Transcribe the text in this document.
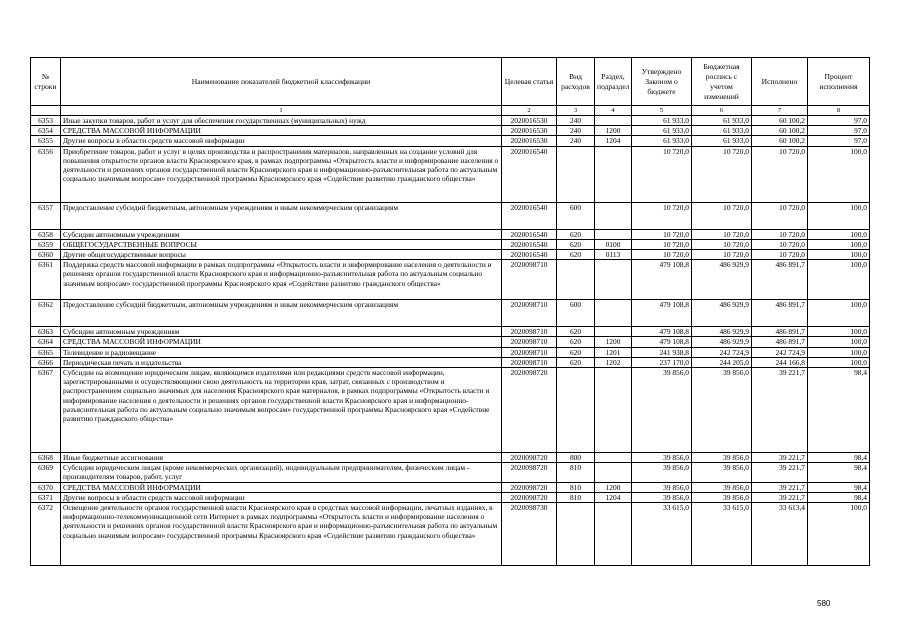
№ строки	Наименование показателей бюджетной классификации	Целевая статья	Вид расходов	Раздел, подраздел	Утверждено Законом о бюджете	Бюджетная роспись с учетом изменений	Исполнено	Процент исполнения
	1	2	3	4	5	6	7	8
6353	Иные закупки товаров, работ и услуг для обеспечения государственных (муниципальных) нужд	2020016530	240		61 933,0	61 933,0	60 100,2	97,0
6354	СРЕДСТВА МАССОВОЙ ИНФОРМАЦИИ	2020016530	240	1200	61 933,0	61 933,0	60 100,2	97,0
6355	Другие вопросы в области средств массовой информации	2020016530	240	1204	61 933,0	61 933,0	60 100,2	97,0
6356	Приобретение товаров, работ и услуг в целях производства и распространения материалов, направленных на создание условий для повышения открытости органов власти Красноярского края, в рамках подпрограммы «Открытость власти и информирование населения о деятельности и решениях органов государственной власти Красноярского края и информационно-разъяснительная работа по актуальным социально значимым вопросам» государственной программы Красноярского края «Содействие развитию гражданского общества»	2020016540			10 720,0	10 720,0	10 720,0	100,0
6357	Предоставление субсидий бюджетным, автономным учреждениям и иным некоммерческим организациям	2020016540	600		10 720,0	10 720,0	10 720,0	100,0
6358	Субсидии автономным учреждениям	2020016540	620		10 720,0	10 720,0	10 720,0	100,0
6359	ОБЩЕГОСУДАРСТВЕННЫЕ ВОПРОСЫ	2020016540	620	0100	10 720,0	10 720,0	10 720,0	100,0
6360	Другие общегосударственные вопросы	2020016540	620	0113	10 720,0	10 720,0	10 720,0	100,0
6361	Поддержка средств массовой информации в рамках подпрограммы «Открытость власти и информирование населения о деятельности и решениях органов государственной власти Красноярского края и информационно-разъяснительная работа по актуальным социально значимым вопросам» государственной программы Красноярского края «Содействие развитию гражданского общества»	2020098710			479 108,8	486 929,9	486 891,7	100,0
6362	Предоставление субсидий бюджетным, автономным учреждениям и иным некоммерческим организациям	2020098710	600		479 108,8	486 929,9	486 891,7	100,0
6363	Субсидии автономным учреждениям	2020098710	620		479 108,8	486 929,9	486 891,7	100,0
6364	СРЕДСТВА МАССОВОЙ ИНФОРМАЦИИ	2020098710	620	1200	479 108,8	486 929,9	486 891,7	100,0
6365	Телевидение и радиовещание	2020098710	620	1201	241 938,8	242 724,9	242 724,9	100,0
6366	Периодическая печать и издательства	2020098710	620	1202	237 170,0	244 205,0	244 166,8	100,0
6367	Субсидии на возмещение юридическим лицам, являющимся издателями или редакциями средств массовой информации, зарегистрированными и осуществляющими свою деятельность на территории края, затрат, связанных с производством и распространением социально значимых для населения Красноярского края материалов, в рамках подпрограммы «Открытость власти и информирование населения о деятельности и решениях органов государственной власти Красноярского края и информационно-разъяснительная работа по актуальным социально значимым вопросам» государственной программы Красноярского края «Содействие развитию гражданского общества»	2020098720			39 856,0	39 856,0	39 221,7	98,4
6368	Иные бюджетные ассигнования	2020098720	800		39 856,0	39 856,0	39 221,7	98,4
6369	Субсидии юридическим лицам (кроме некоммерческих организаций), индивидуальным предпринимателям, физическим лицам - производителям товаров, работ, услуг	2020098720	810		39 856,0	39 856,0	39 221,7	98,4
6370	СРЕДСТВА МАССОВОЙ ИНФОРМАЦИИ	2020098720	810	1200	39 856,0	39 856,0	39 221,7	98,4
6371	Другие вопросы в области средств массовой информации	2020098720	810	1204	39 856,0	39 856,0	39 221,7	98,4
6372	Освещение деятельности органов государственной власти Красноярского края в средствах массовой информации, печатных изданиях, в информационно-телекоммуникационной сети Интернет в рамках подпрограммы «Открытость власти и информирование населения о деятельности и решениях органов государственной власти Красноярского края и информационно-разъяснительная работа по актуальным социально значимым вопросам» государственной программы Красноярского края «Содействие развитию гражданского общества»	2020098730			33 615,0	33 615,0	33 613,4	100,0
580
